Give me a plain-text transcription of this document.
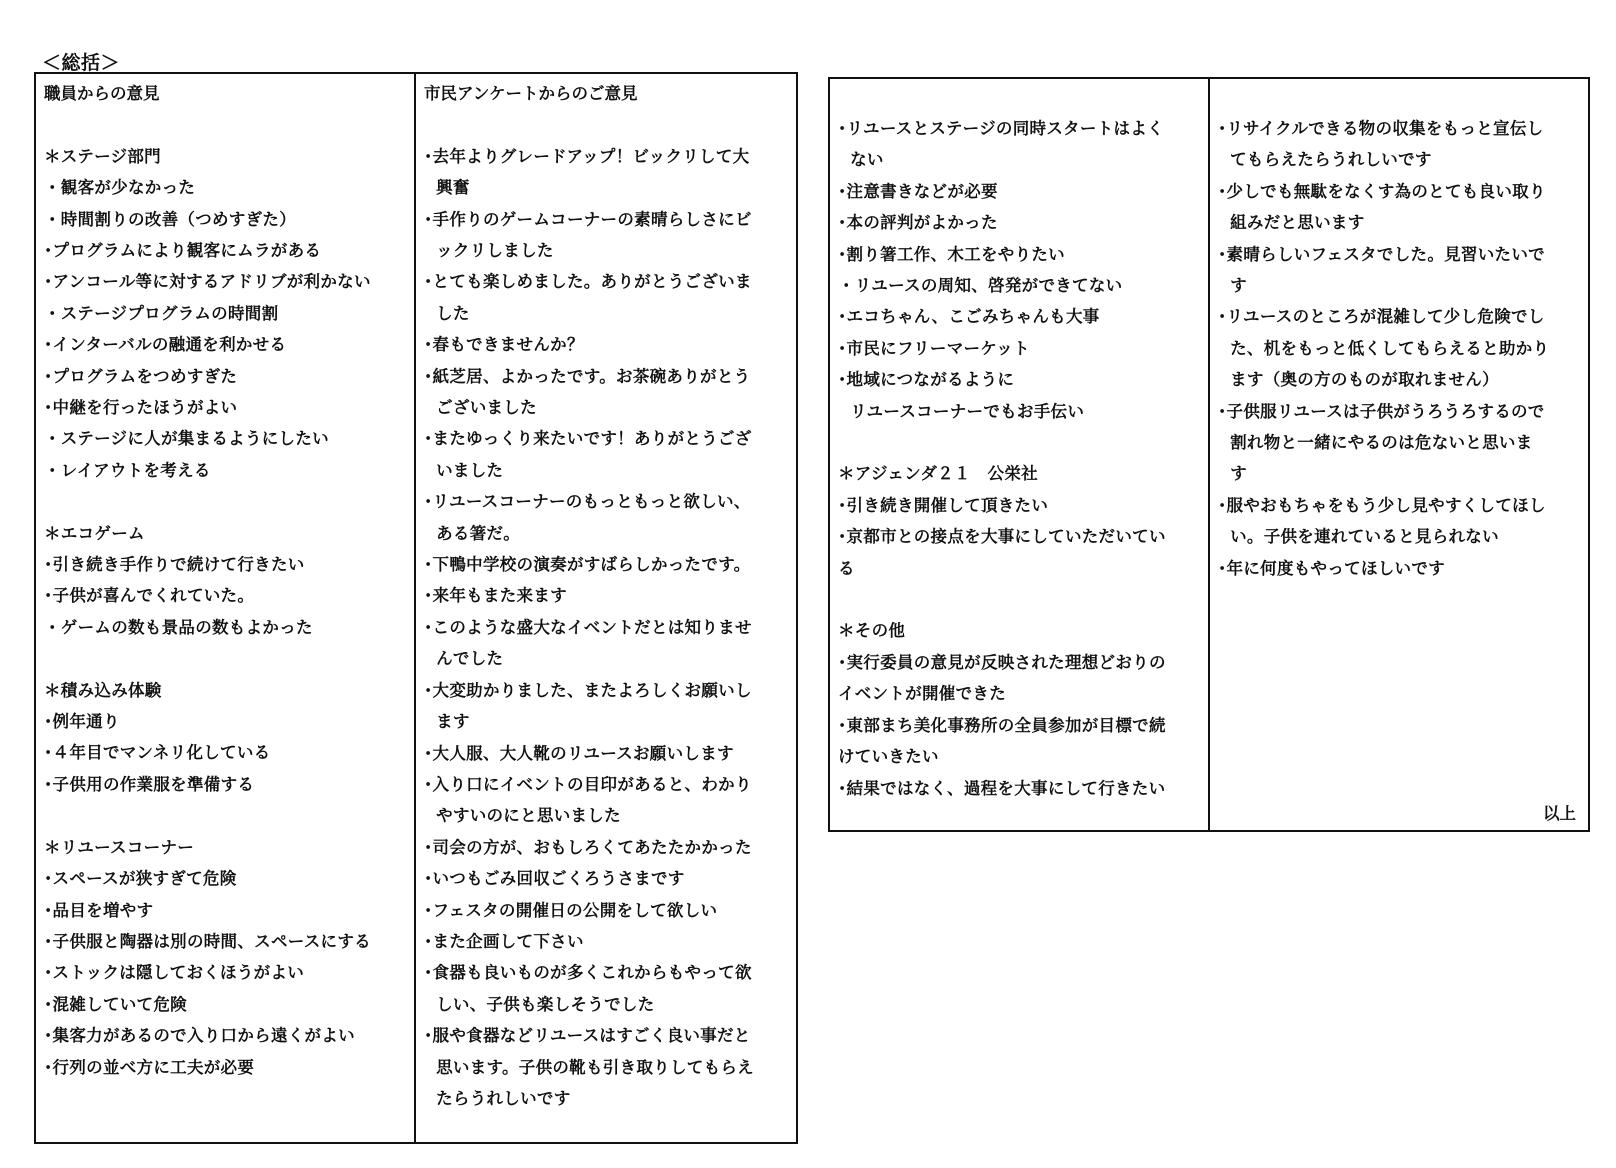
＜総括＞
職員からの意見
＊ステージ部門
・観客が少なかった
・時間割りの改善（つめすぎた）
･プログラムにより観客にムラがある
･アンコール等に対するアドリブが利かない
・ステージプログラムの時間割
･インターバルの融通を利かせる
･プログラムをつめすぎた
･中継を行ったほうがよい
・ステージに人が集まるようにしたい
・レイアウトを考える
＊エコゲーム
･引き続き手作りで続けて行きたい
･子供が喜んでくれていた。
・ゲームの数も景品の数もよかった
＊積み込み体験
･例年通り
･４年目でマンネリ化している
･子供用の作業服を準備する
＊リユースコーナー
･スペースが狭すぎて危険
･品目を増やす
･子供服と陶器は別の時間、スペースにする
･ストックは隠しておくほうがよい
･混雑していて危険
･集客力があるので入り口から遠くがよい
･行列の並べ方に工夫が必要
市民アンケートからのご意見
･去年よりグレードアップ！ビックリして大
興奮
･手作りのゲームコーナーの素晴らしさにビ
ックリしました
･とても楽しめました。ありがとうございま
した
･春もできませんか？
･紙芝居、よかったです。お茶碗ありがとう
ございました
･またゆっくり来たいです！ありがとうござ
いました
･リユースコーナーのもっともっと欲しい、
ある箸だ。
･下鴨中学校の演奏がすばらしかったです。
･来年もまた来ます
･このような盛大なイベントだとは知りませ
んでした
･大変助かりました、またよろしくお願いし
ます
･大人服、大人靴のリユースお願いします
･入り口にイベントの目印があると、わかり
やすいのにと思いました
･司会の方が、おもしろくてあたたかかった
･いつもごみ回収ごくろうさまです
･フェスタの開催日の公開をして欲しい
･また企画して下さい
･食器も良いものが多くこれからもやって欲
しい、子供も楽しそうでした
･服や食器などリユースはすごく良い事だと
思います。子供の靴も引き取りしてもらえ
たらうれしいです
･リユースとステージの同時スタートはよく
ない
･注意書きなどが必要
･本の評判がよかった
･割り箸工作、木工をやりたい
・リユースの周知、啓発ができてない
･エコちゃん、こごみちゃんも大事
･市民にフリーマーケット
･地域につながるように
リユースコーナーでもお手伝い
＊アジェンダ２１　公栄社
･引き続き開催して頂きたい
･京都市との接点を大事にしていただいてい
る
＊その他
･実行委員の意見が反映された理想どおりの
イベントが開催できた
･東部まち美化事務所の全員参加が目標で続
けていきたい
･結果ではなく、過程を大事にして行きたい
･リサイクルできる物の収集をもっと宣伝し
てもらえたらうれしいです
･少しでも無駄をなくす為のとても良い取り
組みだと思います
･素晴らしいフェスタでした。見習いたいで
す
･リユースのところが混雑して少し危険でし
た、机をもっと低くしてもらえると助かり
ます（奥の方のものが取れません）
･子供服リユースは子供がうろうろするので
割れ物と一緒にやるのは危ないと思いま
す
･服やおもちゃをもう少し見やすくしてほし
い。子供を連れていると見られない
･年に何度もやってほしいです
以上
